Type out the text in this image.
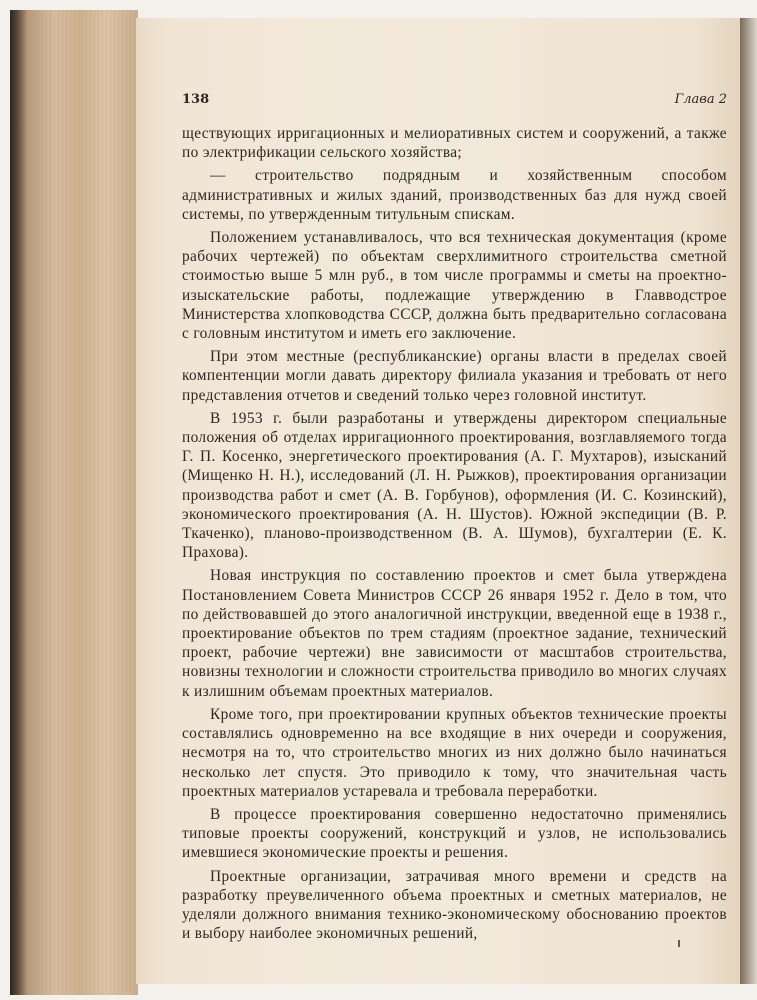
138	Глава 2

ществующих ирригационных и мелиоративных систем и сооружений, а также по электрификации сельского хозяйства;

— строительство подрядным и хозяйственным способом административных и жилых зданий, производственных баз для нужд своей системы, по утвержденным титульным спискам.

Положением устанавливалось, что вся техническая документация (кроме рабочих чертежей) по объектам сверхлимитного строительства сметной стоимостью выше 5 млн руб., в том числе программы и сметы на проектно-изыскательские работы, подлежащие утверждению в Главводстрое Министерства хлопководства СССР, должна быть предварительно согласована с головным институтом и иметь его заключение.

При этом местные (республиканские) органы власти в пределах своей компентенции могли давать директору филиала указания и требовать от него представления отчетов и сведений только через головной институт.

В 1953 г. были разработаны и утверждены директором специальные положения об отделах ирригационного проектирования, возглавляемого тогда Г. П. Косенко, энергетического проектирования (А. Г. Мухтаров), изысканий (Мищенко Н. Н.), исследований (Л. Н. Рыжков), проектирования организации производства работ и смет (А. В. Горбунов), оформления (И. С. Козинский), экономического проектирования (А. Н. Шустов). Южной экспедиции (В. Р. Ткаченко), планово-производственном (В. А. Шумов), бухгалтерии (Е. К. Прахова).

Новая инструкция по составлению проектов и смет была утверждена Постановлением Совета Министров СССР 26 января 1952 г. Дело в том, что по действовавшей до этого аналогичной инструкции, введенной еще в 1938 г., проектирование объектов по трем стадиям (проектное задание, технический проект, рабочие чертежи) вне зависимости от масштабов строительства, новизны технологии и сложности строительства приводило во многих случаях к излишним объемам проектных материалов.

Кроме того, при проектировании крупных объектов технические проекты составлялись одновременно на все входящие в них очереди и сооружения, несмотря на то, что строительство многих из них должно было начинаться несколько лет спустя. Это приводило к тому, что значительная часть проектных материалов устаревала и требовала переработки.

В процессе проектирования совершенно недостаточно применялись типовые проекты сооружений, конструкций и узлов, не использовались имевшиеся экономические проекты и решения.

Проектные организации, затрачивая много времени и средств на разработку преувеличенного объема проектных и сметных материалов, не уделяли должного внимания технико-экономическому обоснованию проектов и выбору наиболее экономичных решений,
